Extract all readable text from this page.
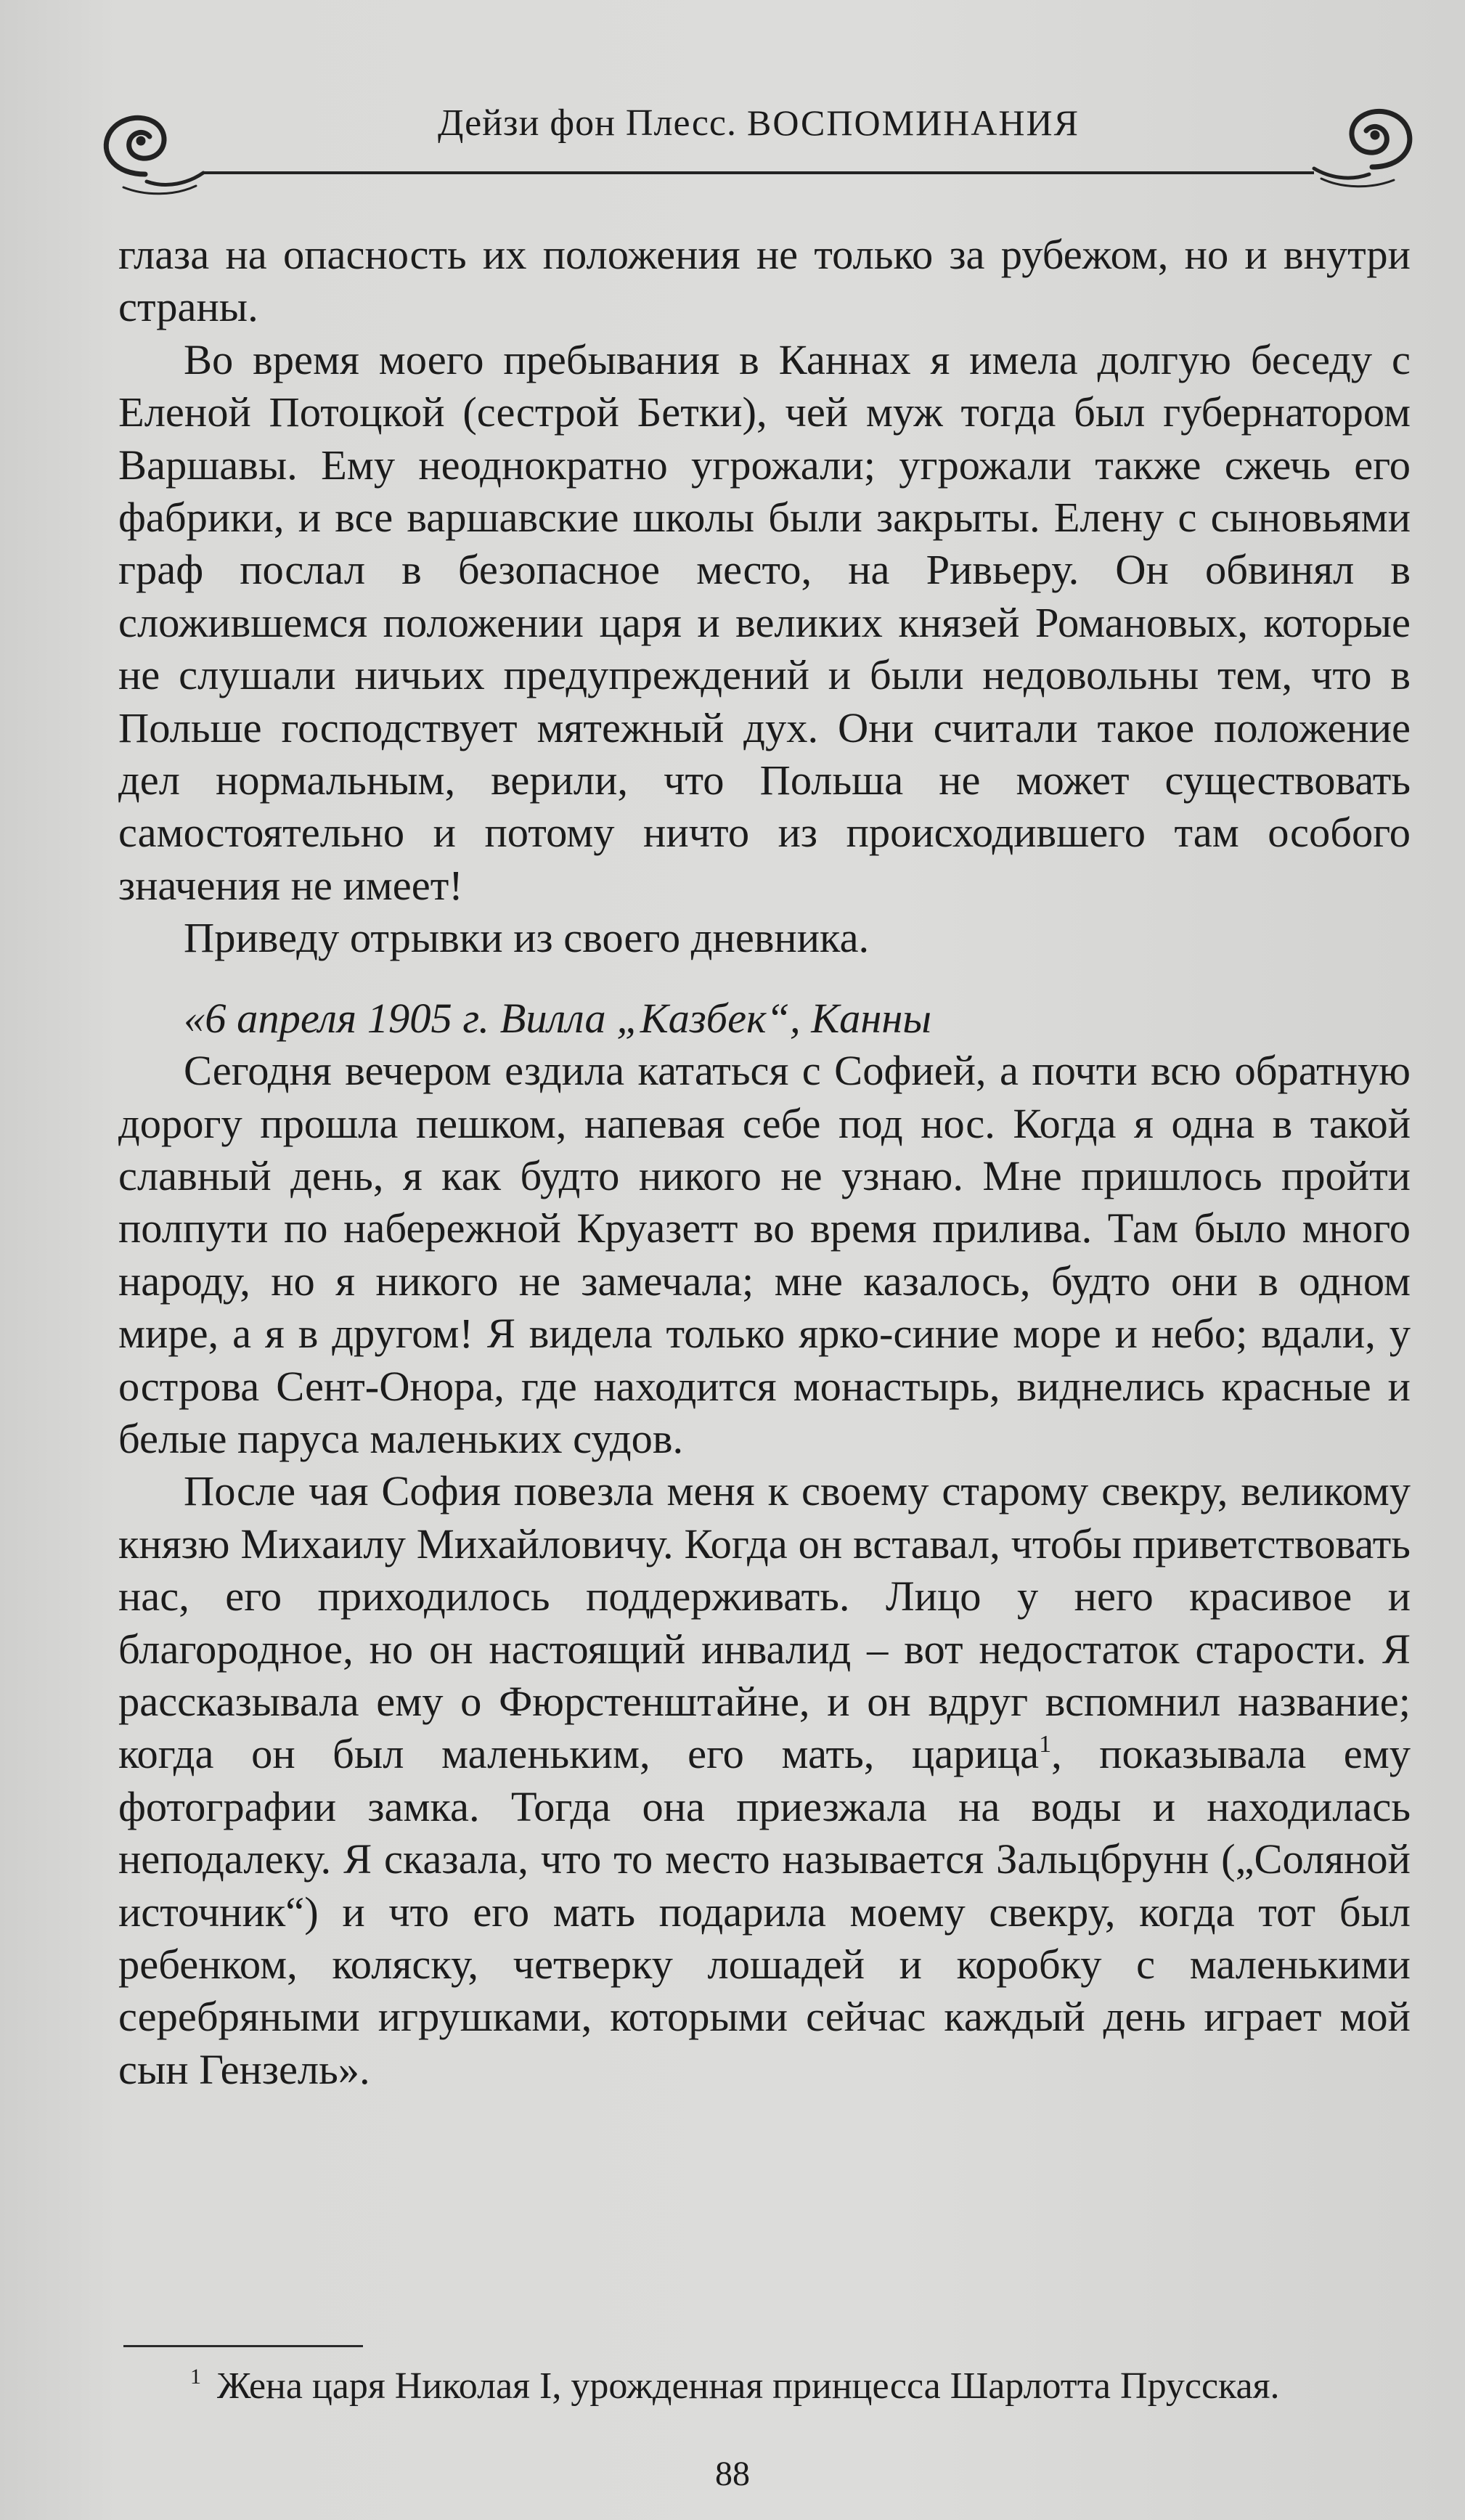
Дейзи фон Плесс. ВОСПОМИНАНИЯ

глаза на опасность их положения не только за рубежом, но и внутри страны.

Во время моего пребывания в Каннах я имела долгую беседу с Еленой Потоцкой (сестрой Бетки), чей муж тогда был губернатором Варшавы. Ему неоднократно угрожали; угрожали также сжечь его фабрики, и все варшавские школы были закрыты. Елену с сыновьями граф послал в безопасное место, на Ривьеру. Он обвинял в сложившемся положении царя и великих князей Романовых, которые не слушали ничьих предупреждений и были недовольны тем, что в Польше господствует мятежный дух. Они считали такое положение дел нормальным, верили, что Польша не может существовать самостоятельно и потому ничто из происходившего там особого значения не имеет!

Приведу отрывки из своего дневника.

«6 апреля 1905 г. Вилла „Казбек“, Канны

Сегодня вечером ездила кататься с Софией, а почти всю обратную дорогу прошла пешком, напевая себе под нос. Когда я одна в такой славный день, я как будто никого не узнаю. Мне пришлось пройти полпути по набережной Круазетт во время прилива. Там было много народу, но я никого не замечала; мне казалось, будто они в одном мире, а я в другом! Я видела только ярко-синие море и небо; вдали, у острова Сент-Онора, где находится монастырь, виднелись красные и белые паруса маленьких судов.

После чая София повезла меня к своему старому свекру, великому князю Михаилу Михайловичу. Когда он вставал, чтобы приветствовать нас, его приходилось поддерживать. Лицо у него красивое и благородное, но он настоящий инвалид – вот недостаток старости. Я рассказывала ему о Фюрстенштайне, и он вдруг вспомнил название; когда он был маленьким, его мать, царица$^1$, показывала ему фотографии замка. Тогда она приезжала на воды и находилась неподалеку. Я сказала, что то место называется Зальцбрунн („Соляной источник“) и что его мать подарила моему свекру, когда тот был ребенком, коляску, четверку лошадей и коробку с маленькими серебряными игрушками, которыми сейчас каждый день играет мой сын Гензель».

$^1$ Жена царя Николая I, урожденная принцесса Шарлотта Прусская.
88
